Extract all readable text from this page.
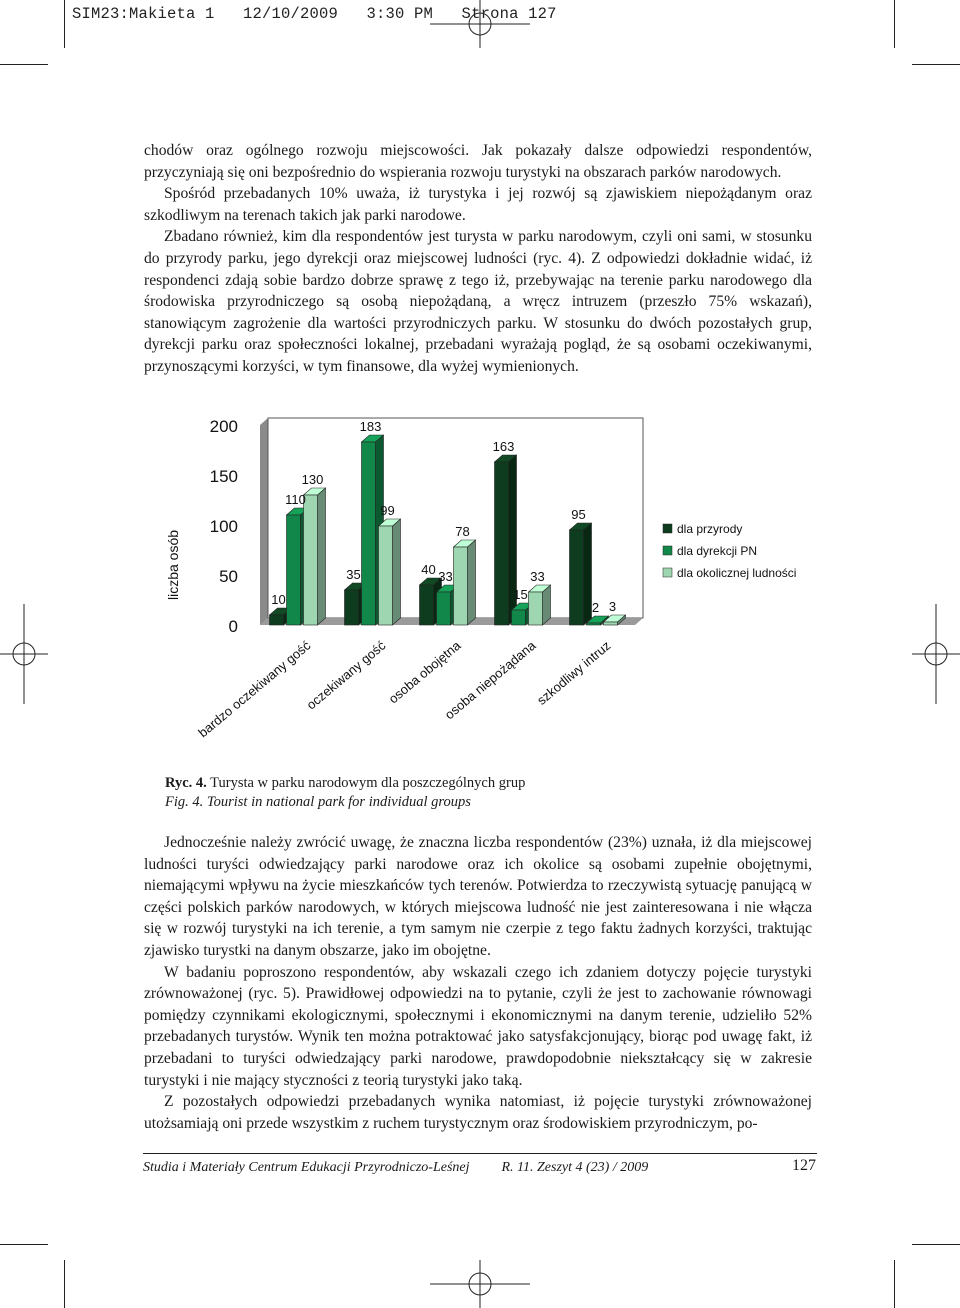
SIM23:Makieta 1   12/10/2009   3:30 PM   Strona 127

chodów oraz ogólnego rozwoju miejscowości. Jak pokazały dalsze odpowiedzi respondentów, przyczyniają się oni bezpośrednio do wspierania rozwoju turystyki na obszarach parków narodowych.

Spośród przebadanych 10% uważa, iż turystyka i jej rozwój są zjawiskiem niepożądanym oraz szkodliwym na terenach takich jak parki narodowe.

Zbadano również, kim dla respondentów jest turysta w parku narodowym, czyli oni sami, w stosunku do przyrody parku, jego dyrekcji oraz miejscowej ludności (ryc. 4). Z odpowiedzi dokładnie widać, iż respondenci zdają sobie bardzo dobrze sprawę z tego iż, przebywając na terenie parku narodowego dla środowiska przyrodniczego są osobą niepożądaną, a wręcz intruzem (przeszło 75% wskazań), stanowiącym zagrożenie dla wartości przyrodniczych parku. W stosunku do dwóch pozostałych grup, dyrekcji parku oraz społeczności lokalnej, przebadani wyrażają pogląd, że są osobami oczekiwanymi, przynoszącymi korzyści, w tym finansowe, dla wyżej wymienionych.

0
50
100
150
200
liczba osób	10
110
130
bardzo oczekiwany gość
35
183
99
oczekiwany gość
40 33
78
osoba obojętna
163
15
33
osoba niepożądana
95
2 3
szkodliwy intruz
dla przyrody
dla dyrekcji PN
dla okolicznej ludności
Ryc. 4. Turysta w parku narodowym dla poszczególnych grup
Fig. 4. Tourist in national park for individual groups

Jednocześnie należy zwrócić uwagę, że znaczna liczba respondentów (23%) uznała, iż dla miejscowej ludności turyści odwiedzający parki narodowe oraz ich okolice są osobami zupełnie obojętnymi, niemającymi wpływu na życie mieszkańców tych terenów. Potwierdza to rzeczywistą sytuację panującą w części polskich parków narodowych, w których miejscowa ludność nie jest zainteresowana i nie włącza się w rozwój turystyki na ich terenie, a tym samym nie czerpie z tego faktu żadnych korzyści, traktując zjawisko turystki na danym obszarze, jako im obojętne.

W badaniu poproszono respondentów, aby wskazali czego ich zdaniem dotyczy pojęcie turystyki zrównoważonej (ryc. 5). Prawidłowej odpowiedzi na to pytanie, czyli że jest to zachowanie równowagi pomiędzy czynnikami ekologicznymi, społecznymi i ekonomicznymi na danym terenie, udzieliło 52% przebadanych turystów. Wynik ten można potraktować jako satysfakcjonujący, biorąc pod uwagę fakt, iż przebadani to turyści odwiedzający parki narodowe, prawdopodobnie niekształcący się w zakresie turystyki i nie mający styczności z teorią turystyki jako taką.

Z pozostałych odpowiedzi przebadanych wynika natomiast, iż pojęcie turystyki zrównoważonej utożsamiają oni przede wszystkim z ruchem turystycznym oraz środowiskiem przyrodniczym, po-

Studia i Materiały Centrum Edukacji Przyrodniczo-Leśnej R. 11. Zeszyt 4 (23) / 2009	127
